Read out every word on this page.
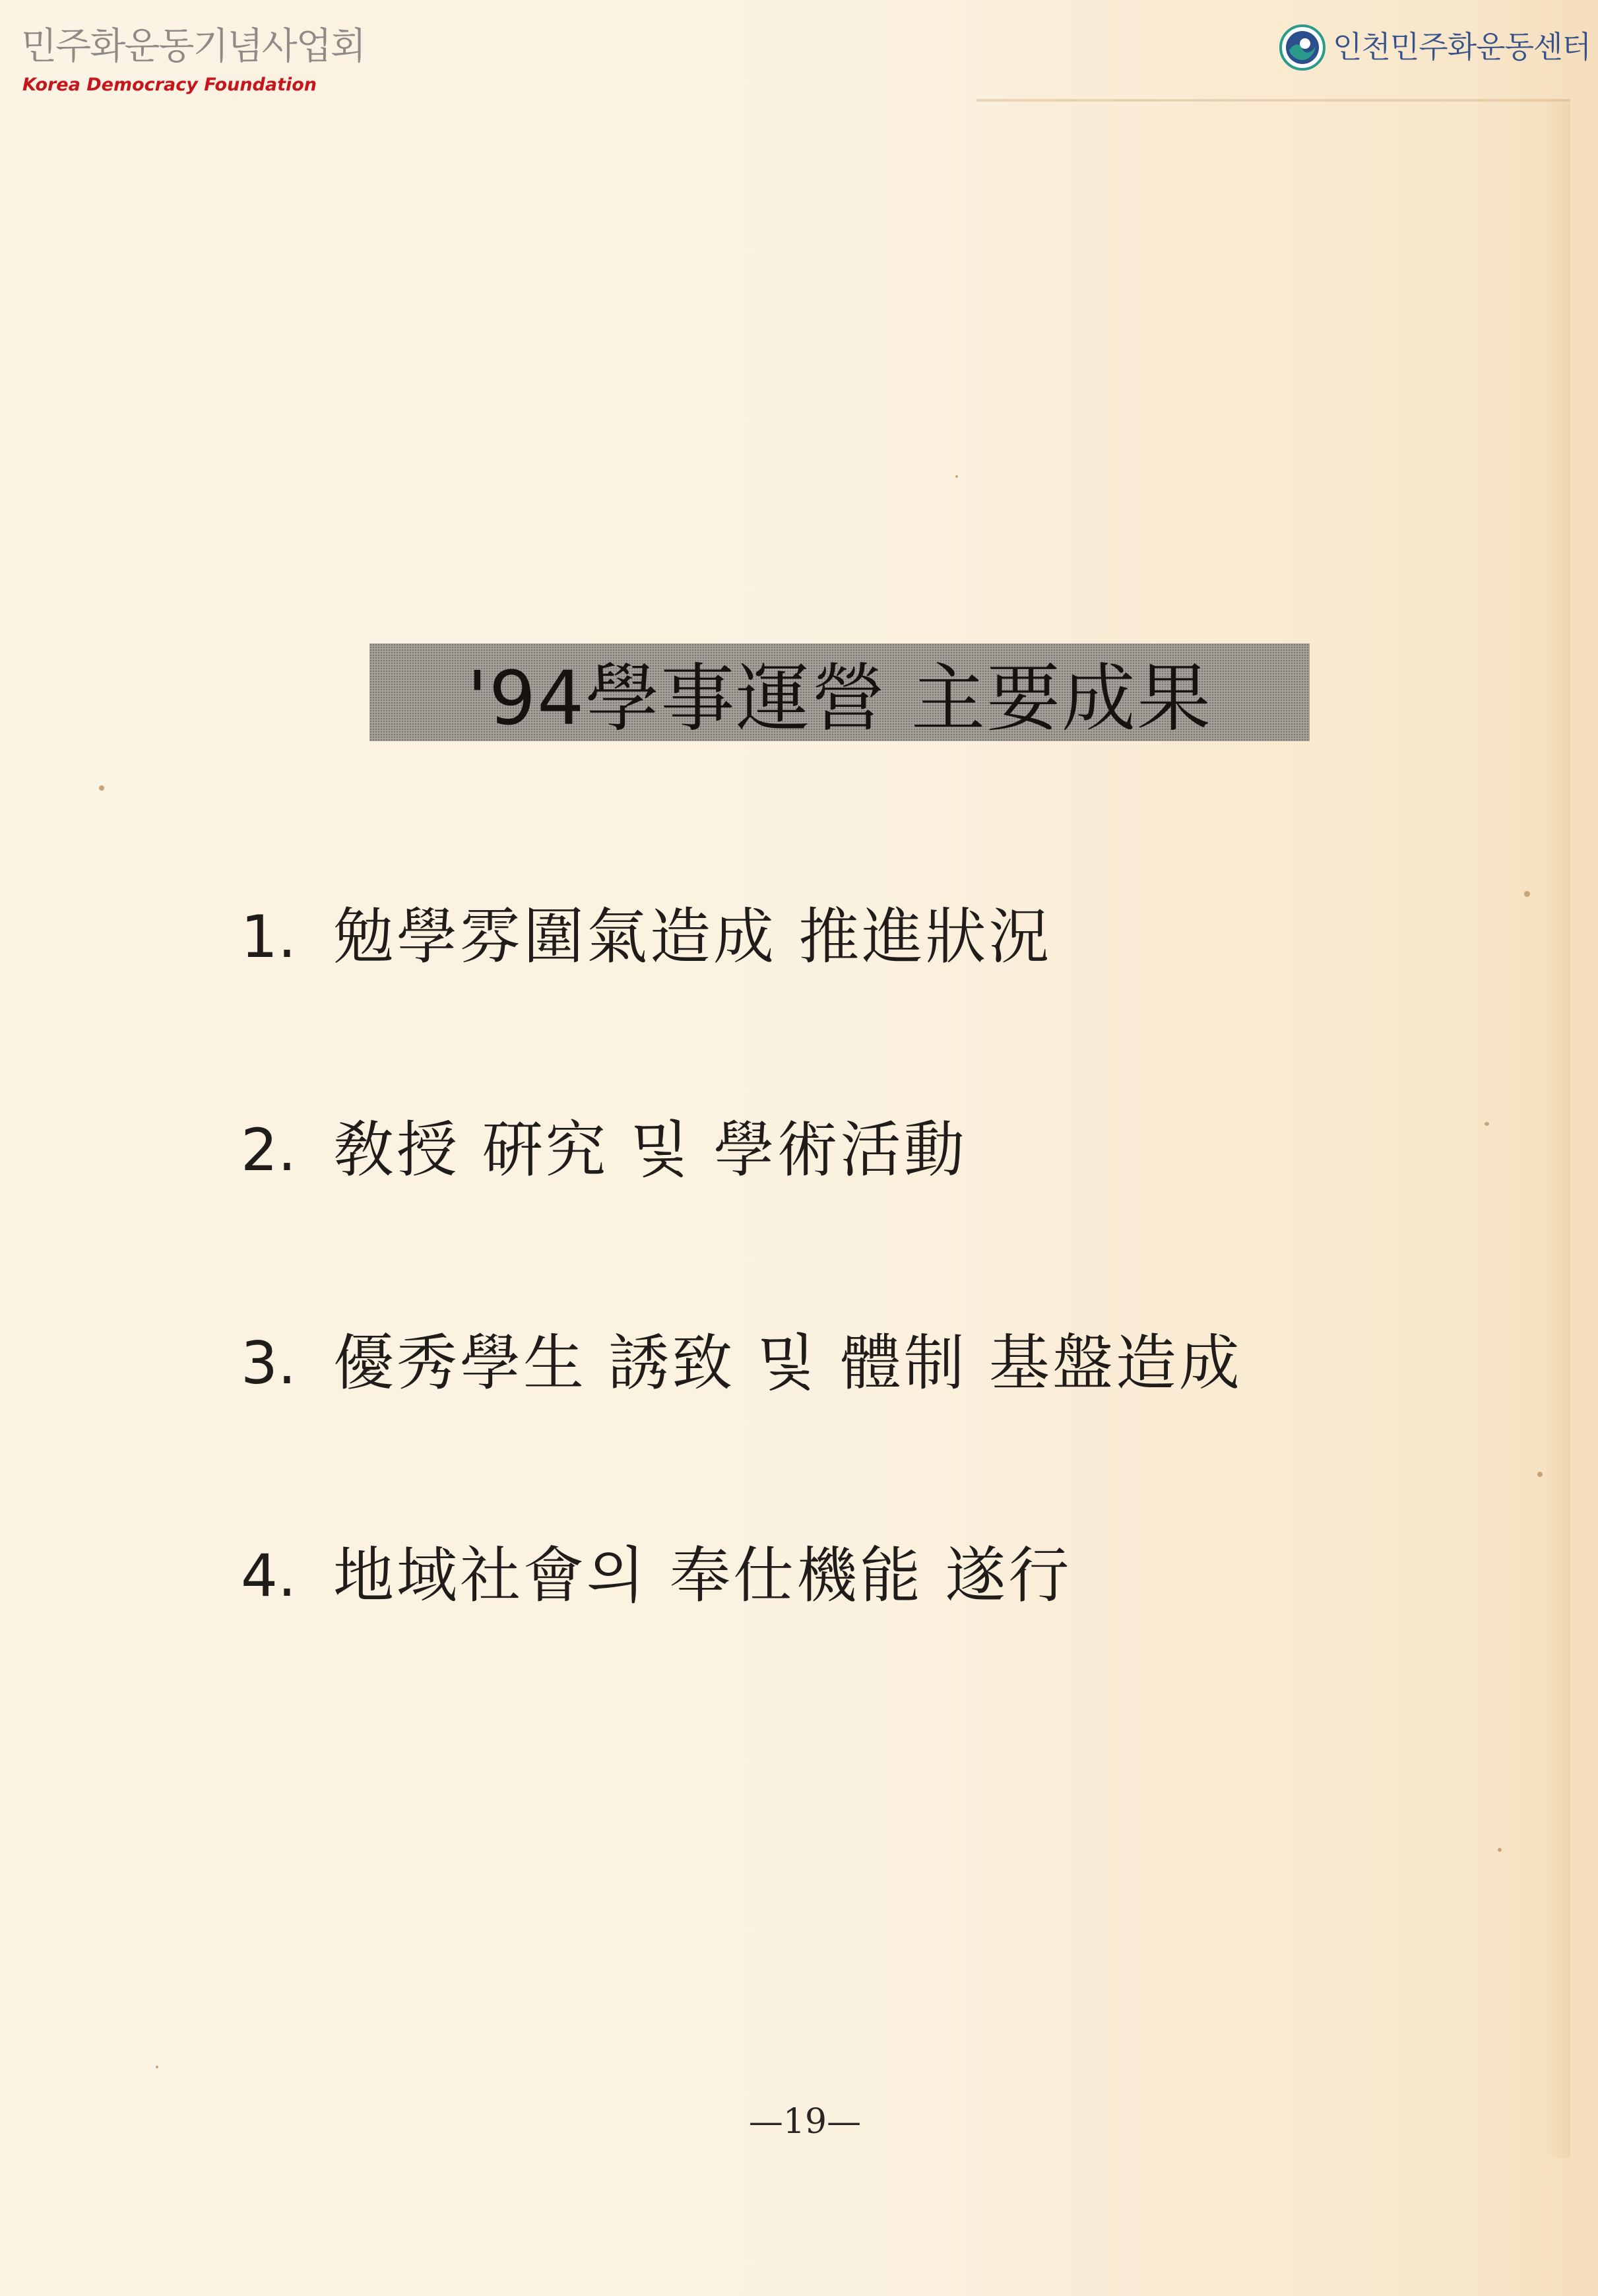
민주화운동기념사업회
Korea Democracy Foundation
인천민주화운동센터
'94學事運營 主要成果
1. 勉學雰圍氣造成 推進狀況
2. 敎授 硏究 및 學術活動
3. 優秀學生 誘致 및 體制 基盤造成
4. 地域社會의 奉仕機能 遂行
—19—
